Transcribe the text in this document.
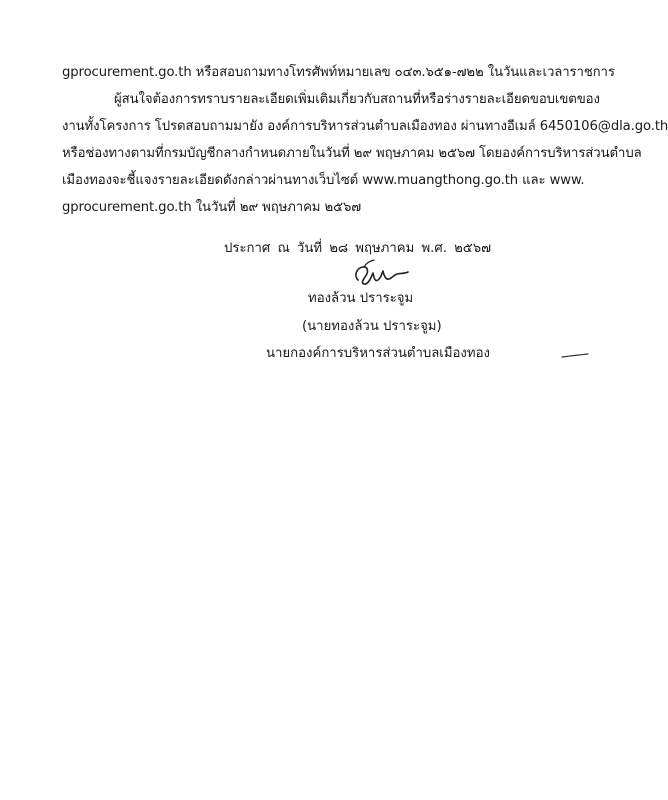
gprocurement.go.th หรือสอบถามทางโทรศัพท์หมายเลข ๐๔๓.๖๕๑-๗๒๒ ในวันและเวลาราชการ
ผู้สนใจต้องการทราบรายละเอียดเพิ่มเติมเกี่ยวกับสถานที่หรือร่างรายละเอียดขอบเขตของ
งานทั้งโครงการ โปรดสอบถามมายัง องค์การบริหารส่วนตำบลเมืองทอง ผ่านทางอีเมล์ 6450106@dla.go.th
หรือช่องทางตามที่กรมบัญชีกลางกำหนดภายในวันที่ ๒๙ พฤษภาคม ๒๕๖๗ โดยองค์การบริหารส่วนตำบล
เมืองทองจะชี้แจงรายละเอียดดังกล่าวผ่านทางเว็บไซต์ www.muangthong.go.th และ www.
gprocurement.go.th ในวันที่ ๒๙ พฤษภาคม ๒๕๖๗
ประกาศ ณ วันที่ ๒๘ พฤษภาคม พ.ศ. ๒๕๖๗
ทองล้วน ปราระจูม
(นายทองล้วน ปราระจูม)
นายกองค์การบริหารส่วนตำบลเมืองทอง
